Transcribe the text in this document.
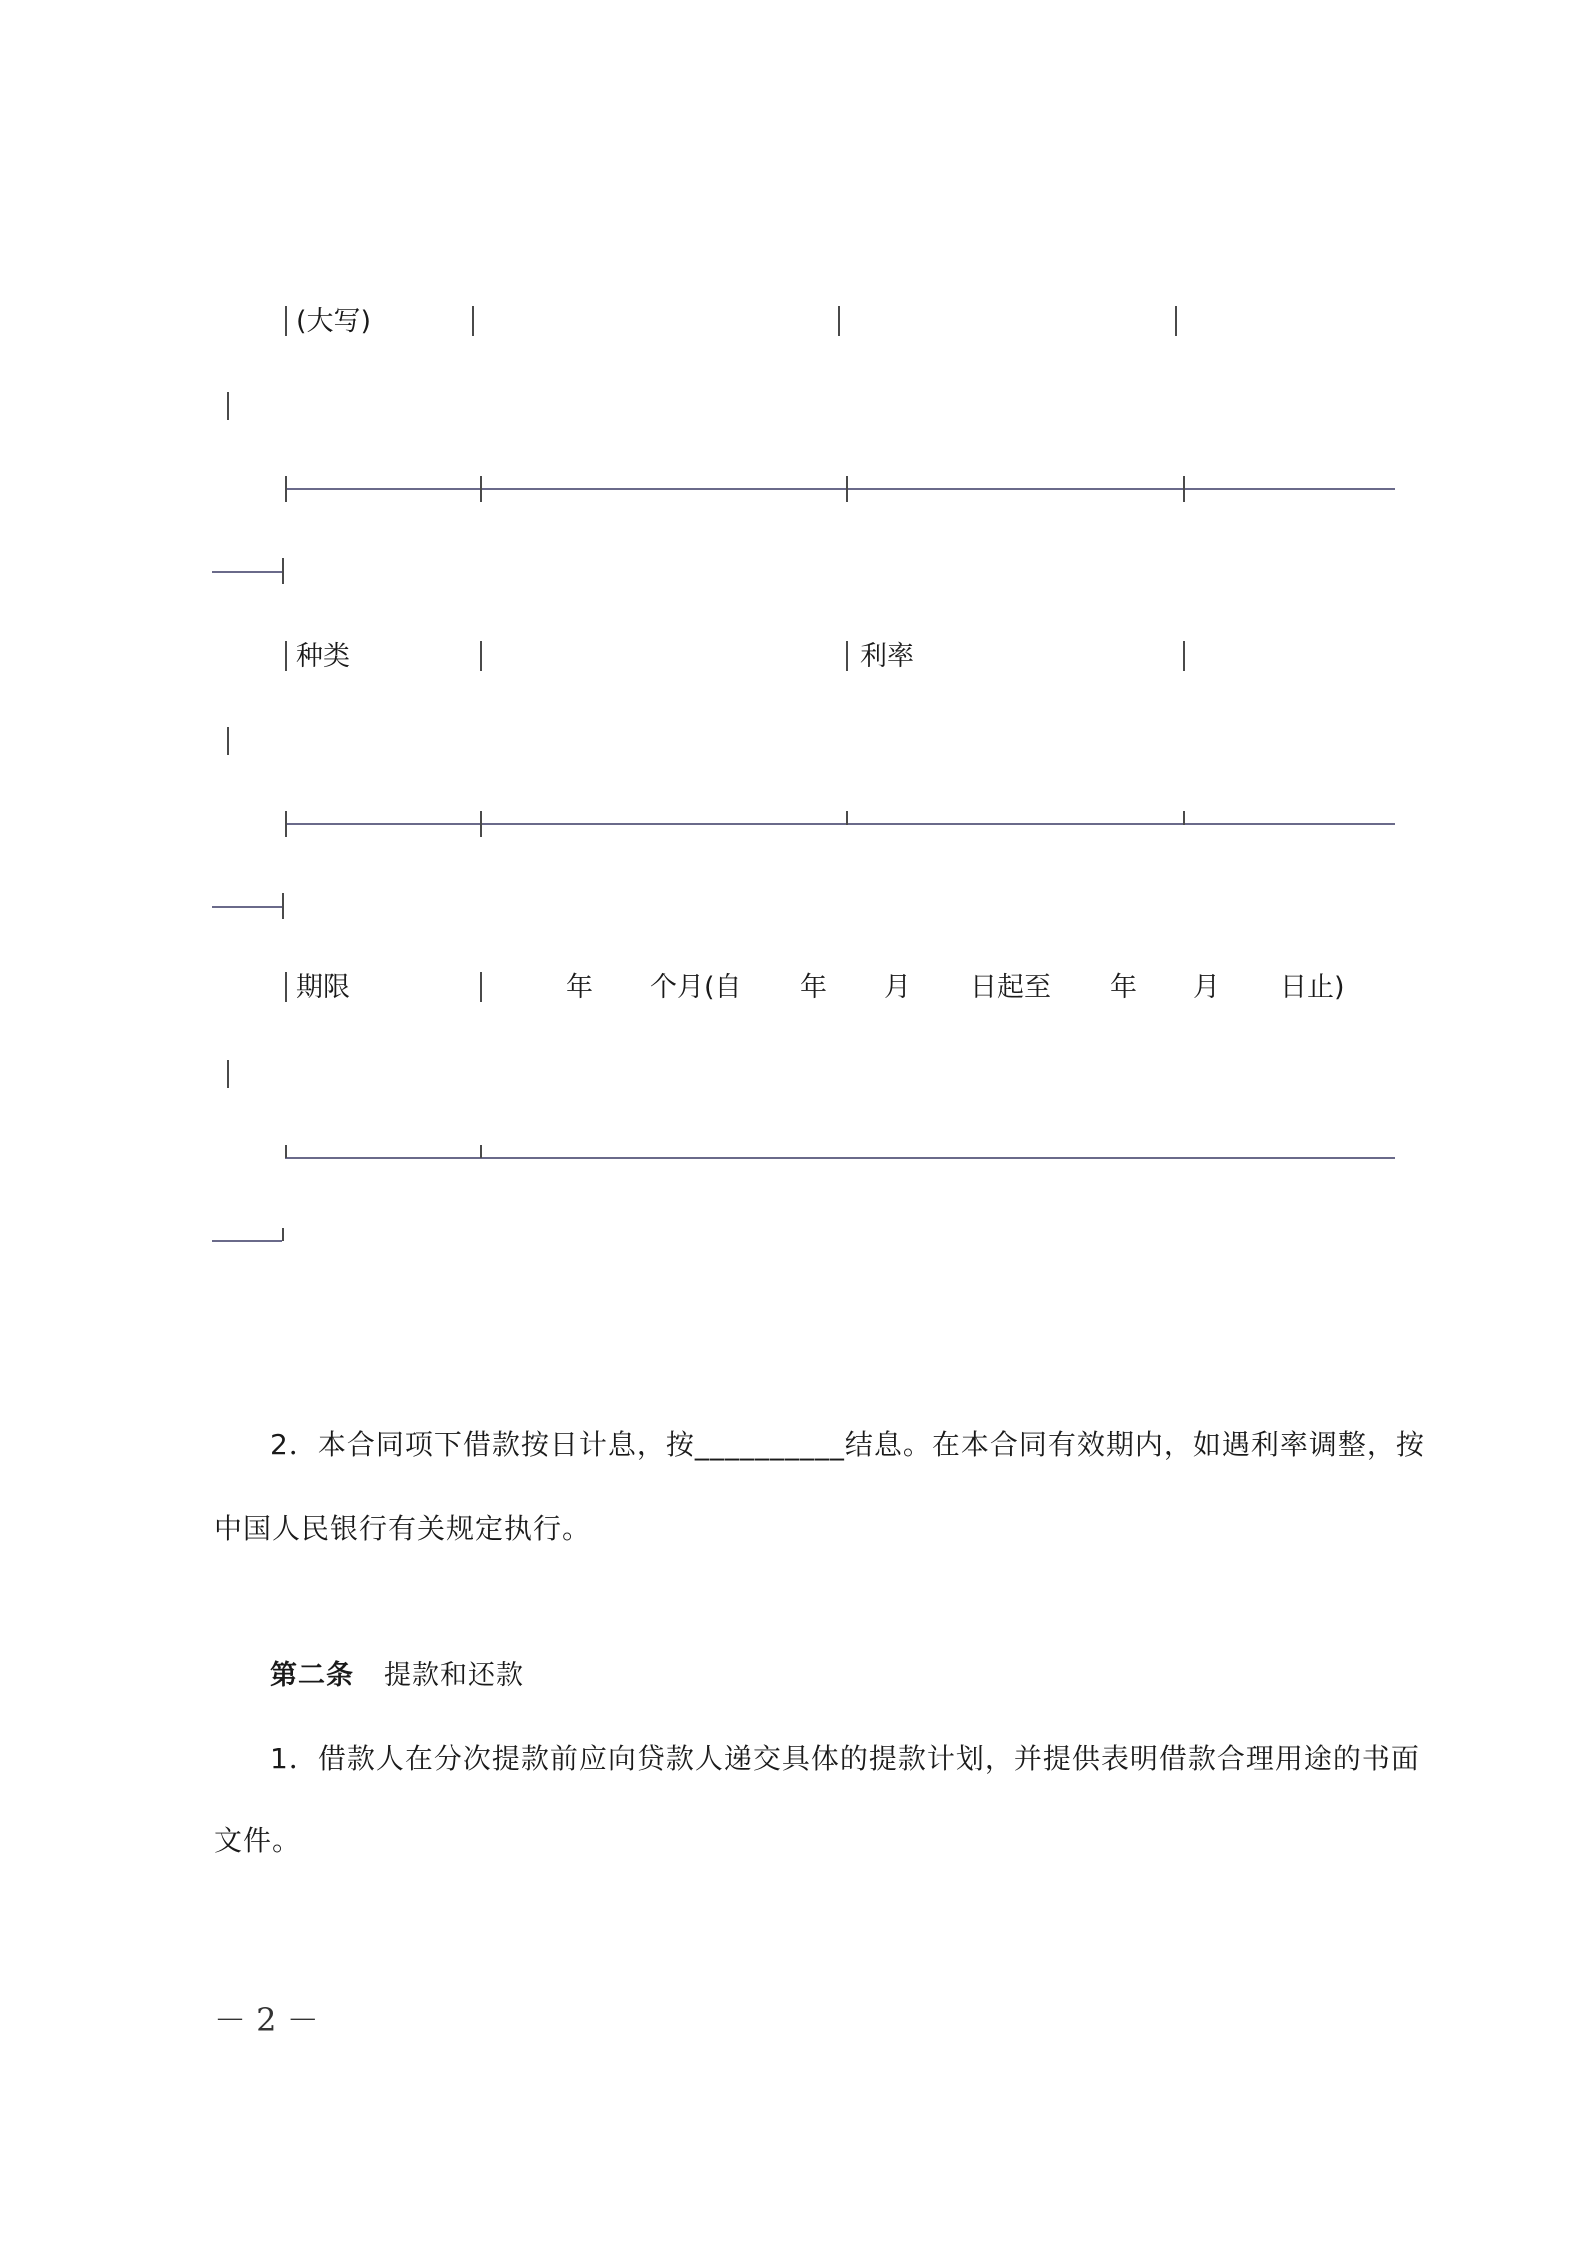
(大写)
种类	利率
期限	年 个月(自 年 月 日起至 年 月 日止)
2．本合同项下借款按日计息，按__________结息。在本合同有效期内，如遇利率调整，按
中国人民银行有关规定执行。
第二条 提款和还款
1．借款人在分次提款前应向贷款人递交具体的提款计划，并提供表明借款合理用途的书面
文件。
－ 2 －
